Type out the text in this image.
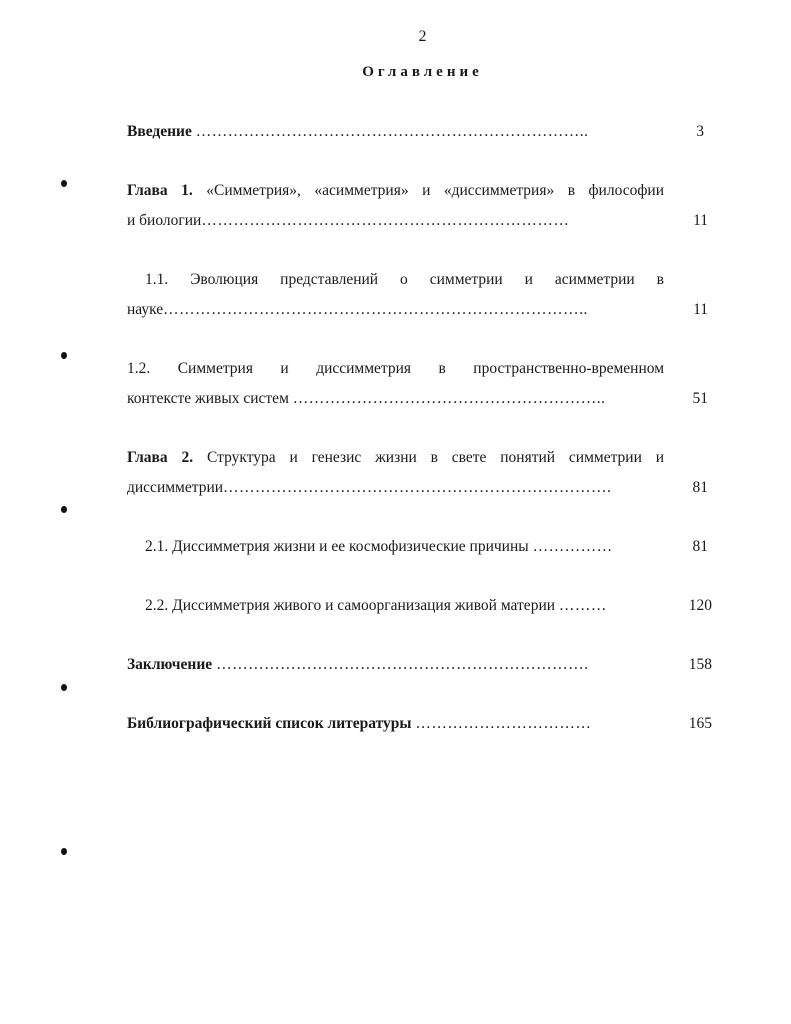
2
Оглавление
Введение ………………………………………………………………..	3
Глава 1. «Симметрия», «асимметрия» и «диссимметрия» в философии
и биологии……………………………………………………………	11
1.1. Эволюция представлений о симметрии и асимметрии в
науке……………………………………………………………………..	11
1.2. Симметрия и диссимметрия в пространственно-временном
контексте живых систем …………………………………………………..	51
Глава 2. Структура и генезис жизни в свете понятий симметрии и
диссимметрии……………………………………………………………….	81
2.1. Диссимметрия жизни и ее космофизические причины ……………	81
2.2. Диссимметрия живого и самоорганизация живой материи ………	120
Заключение …………………………………………………………….	158
Библиографический список литературы ……………………………	165
